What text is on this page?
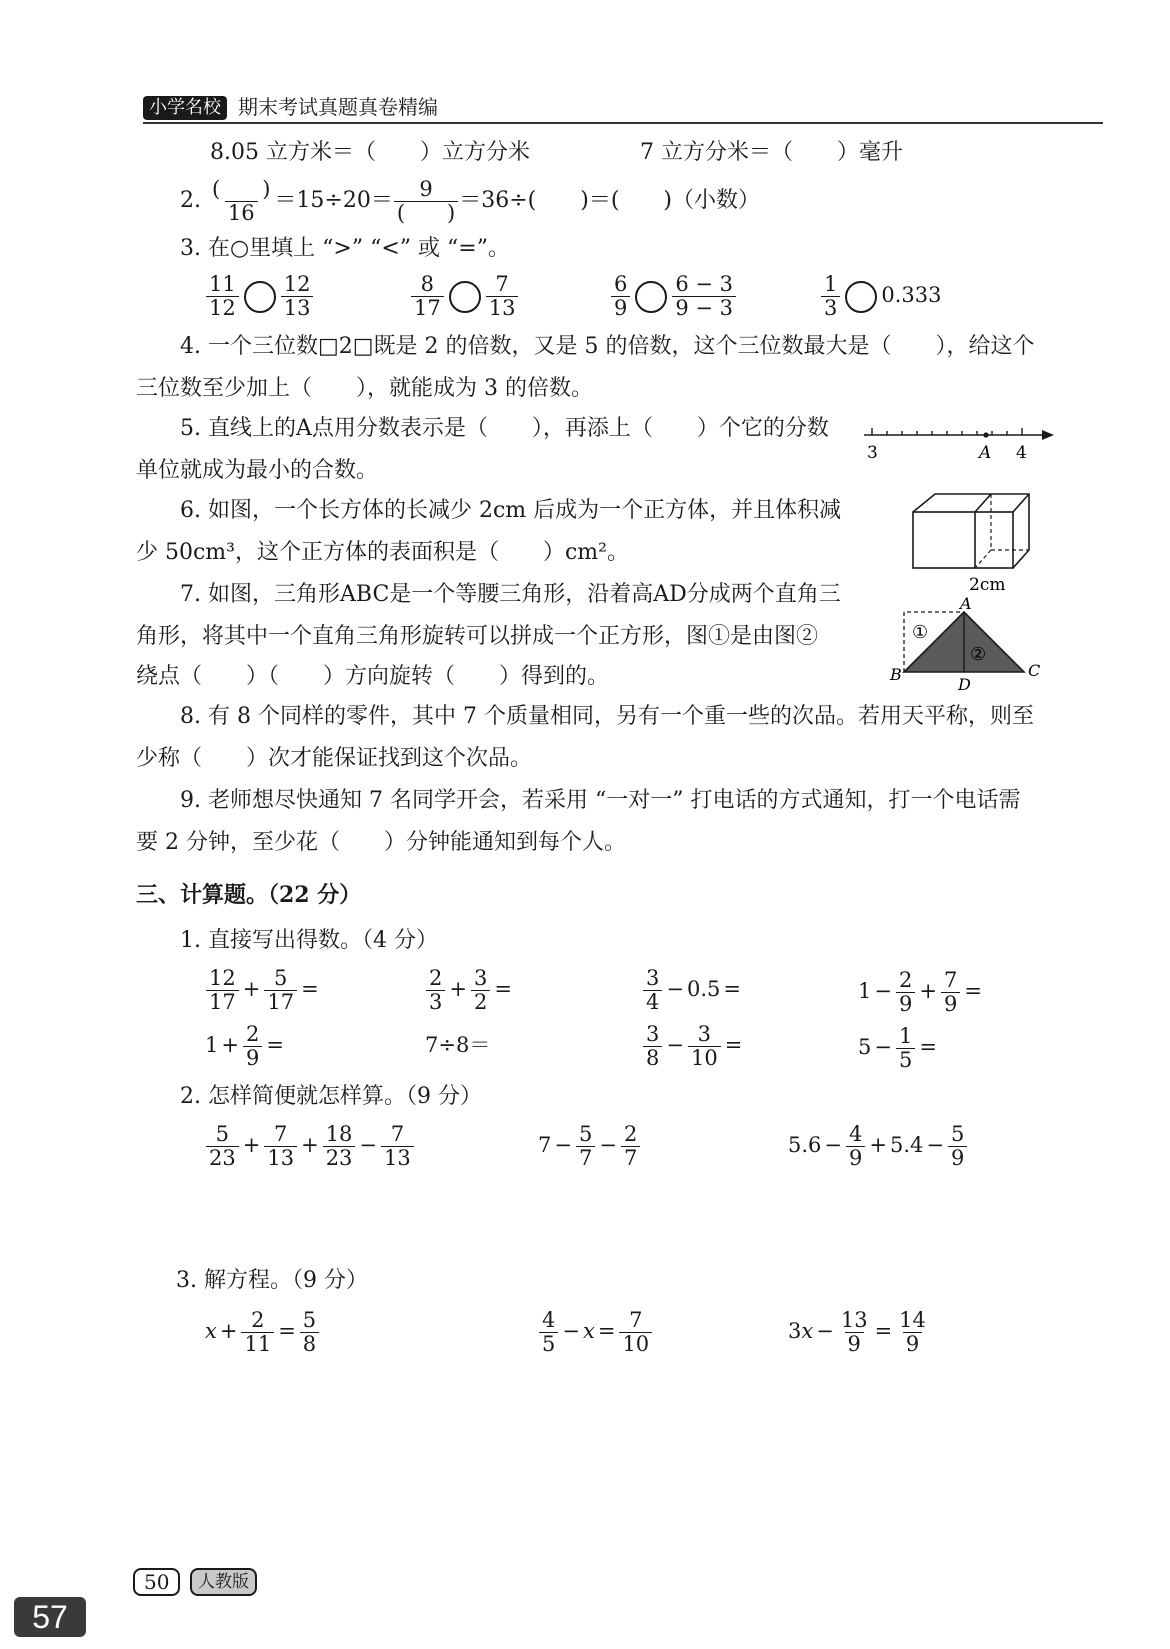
小学名校 期末考试真题真卷精编
8.05 立方米＝（　　）立方分米	7 立方分米＝（　　）毫升
2. $\frac{( )}{16} =15\div 20= \frac{9}{( )} =36\div$(　　)＝(　　)（小数）
3. 在○里填上 “>” “<” 或 “=”。
$\frac{11}{12} \frac{12}{13}$	$\frac{8}{17} \frac{7}{13}$	$\frac{6}{9} \frac{6 - 3}{9 - 3}$	$\frac{1}{3} 0.333$
4. 一个三位数□2□既是 2 的倍数，又是 5 的倍数，这个三位数最大是（　　），给这个
三位数至少加上（　　），就能成为 3 的倍数。
5. 直线上的A点用分数表示是（　　），再添上（　　）个它的分数
单位就成为最小的合数。
3	A 4
6. 如图，一个长方体的长减少 2cm 后成为一个正方体，并且体积减
少 50cm³，这个正方体的表面积是（　　）cm²。
2cm
7. 如图，三角形ABC是一个等腰三角形，沿着高AD分成两个直角三
角形，将其中一个直角三角形旋转可以拼成一个正方形，图①是由图②
绕点（　　）（　　）方向旋转（　　）得到的。
A
B	C
D
①
②
8. 有 8 个同样的零件，其中 7 个质量相同，另有一个重一些的次品。若用天平称，则至
少称（　　）次才能保证找到这个次品。
9. 老师想尽快通知 7 名同学开会，若采用 “一对一” 打电话的方式通知，打一个电话需
要 2 分钟，至少花（　　）分钟能通知到每个人。
三、计算题。（22 分）
1. 直接写出得数。（4 分）
$\frac{12}{17} + \frac{5}{17}$ =	$\frac{2}{3} + \frac{3}{2}$ =	$\frac{3}{4} - 0.5$ =	$1 - \frac{2}{9} + \frac{7}{9}$ =
$1 + \frac{2}{9}$ =	7÷8＝	$\frac{3}{8} - \frac{3}{10}$ =	$5 - \frac{1}{5}$ =
2. 怎样简便就怎样算。（9 分）
$\frac{5}{23} + \frac{7}{13} + \frac{18}{23} - \frac{7}{13}$	$7 - \frac{5}{7} - \frac{2}{7}$	$5.6 - \frac{4}{9} + 5.4 - \frac{5}{9}$
3. 解方程。（9 分）
$x + \frac{2}{11} = \frac{5}{8}$	$\frac{4}{5} - x = \frac{7}{10}$	$3x - \frac{13}{9} = \frac{14}{9}$
50	人教版
57
